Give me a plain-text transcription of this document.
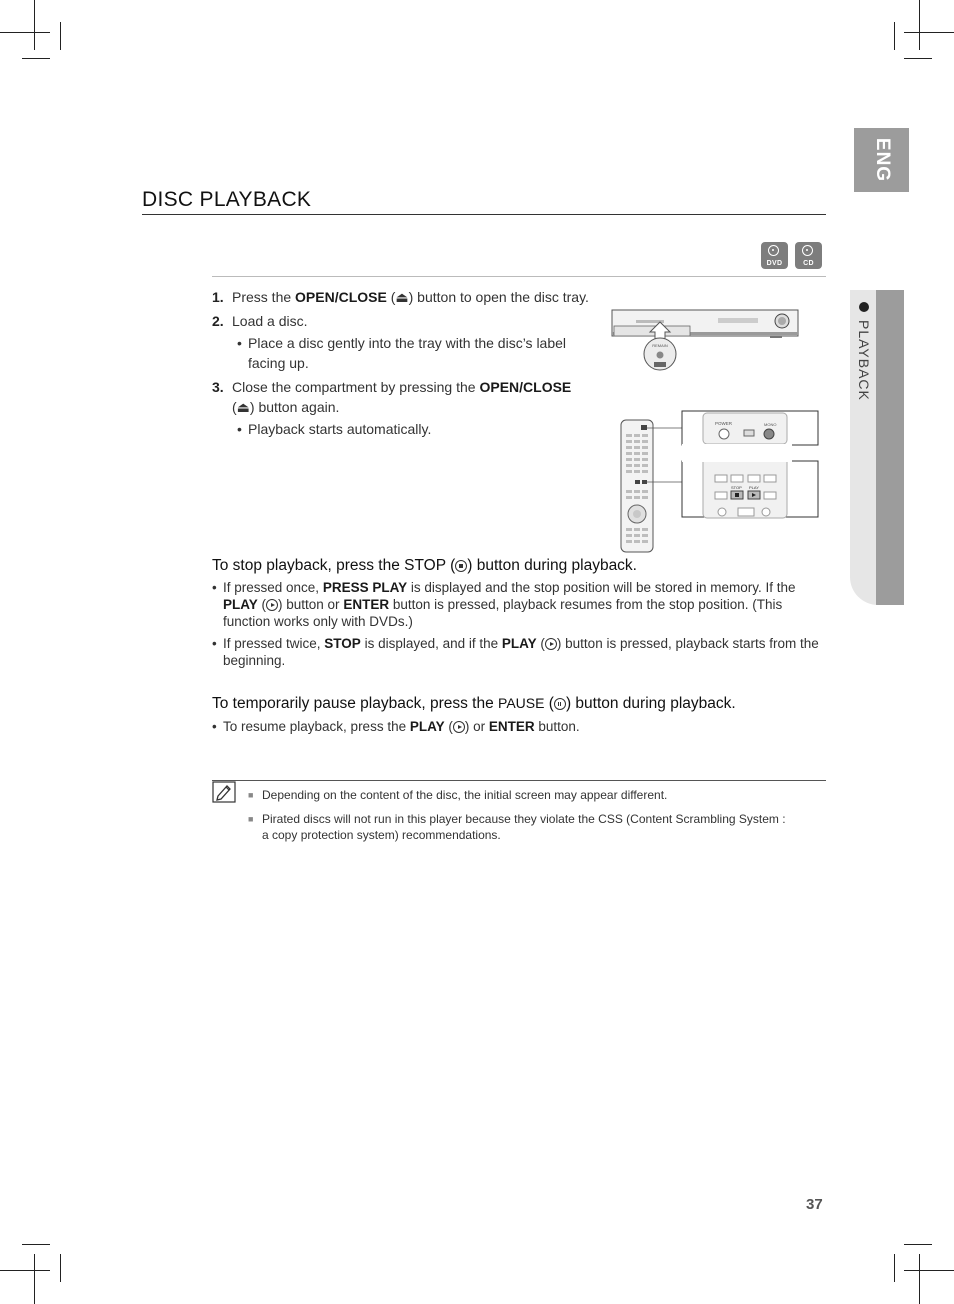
ENG
PLAYBACK
DISC PLAYBACK
DVD	CD
1. Press the OPEN/CLOSE (⏏) button to open the disc tray.
2. Load a disc.
• Place a disc gently into the tray with the disc’s label
facing up.
3. Close the compartment by pressing the OPEN/CLOSE
(⏏) button again.
• Playback starts automatically.
REMAIN
POWER	MONO
STOP PLAY
To stop playback, press the STOP ( ) button during playback.
• If pressed once, PRESS PLAY is displayed and the stop position will be stored in memory. If the PLAY ( ) button or ENTER button is pressed, playback resumes from the stop position. (This function works only with DVDs.)
• If pressed twice, STOP is displayed, and if the PLAY ( ) button is pressed, playback starts from the beginning.
To temporarily pause playback, press the PAUSE ( ) button during playback.
• To resume playback, press the PLAY ( ) or ENTER button.
■ Depending on the content of the disc, the initial screen may appear different.
■ Pirated discs will not run in this player because they violate the CSS (Content Scrambling System :
a copy protection system) recommendations.
37
